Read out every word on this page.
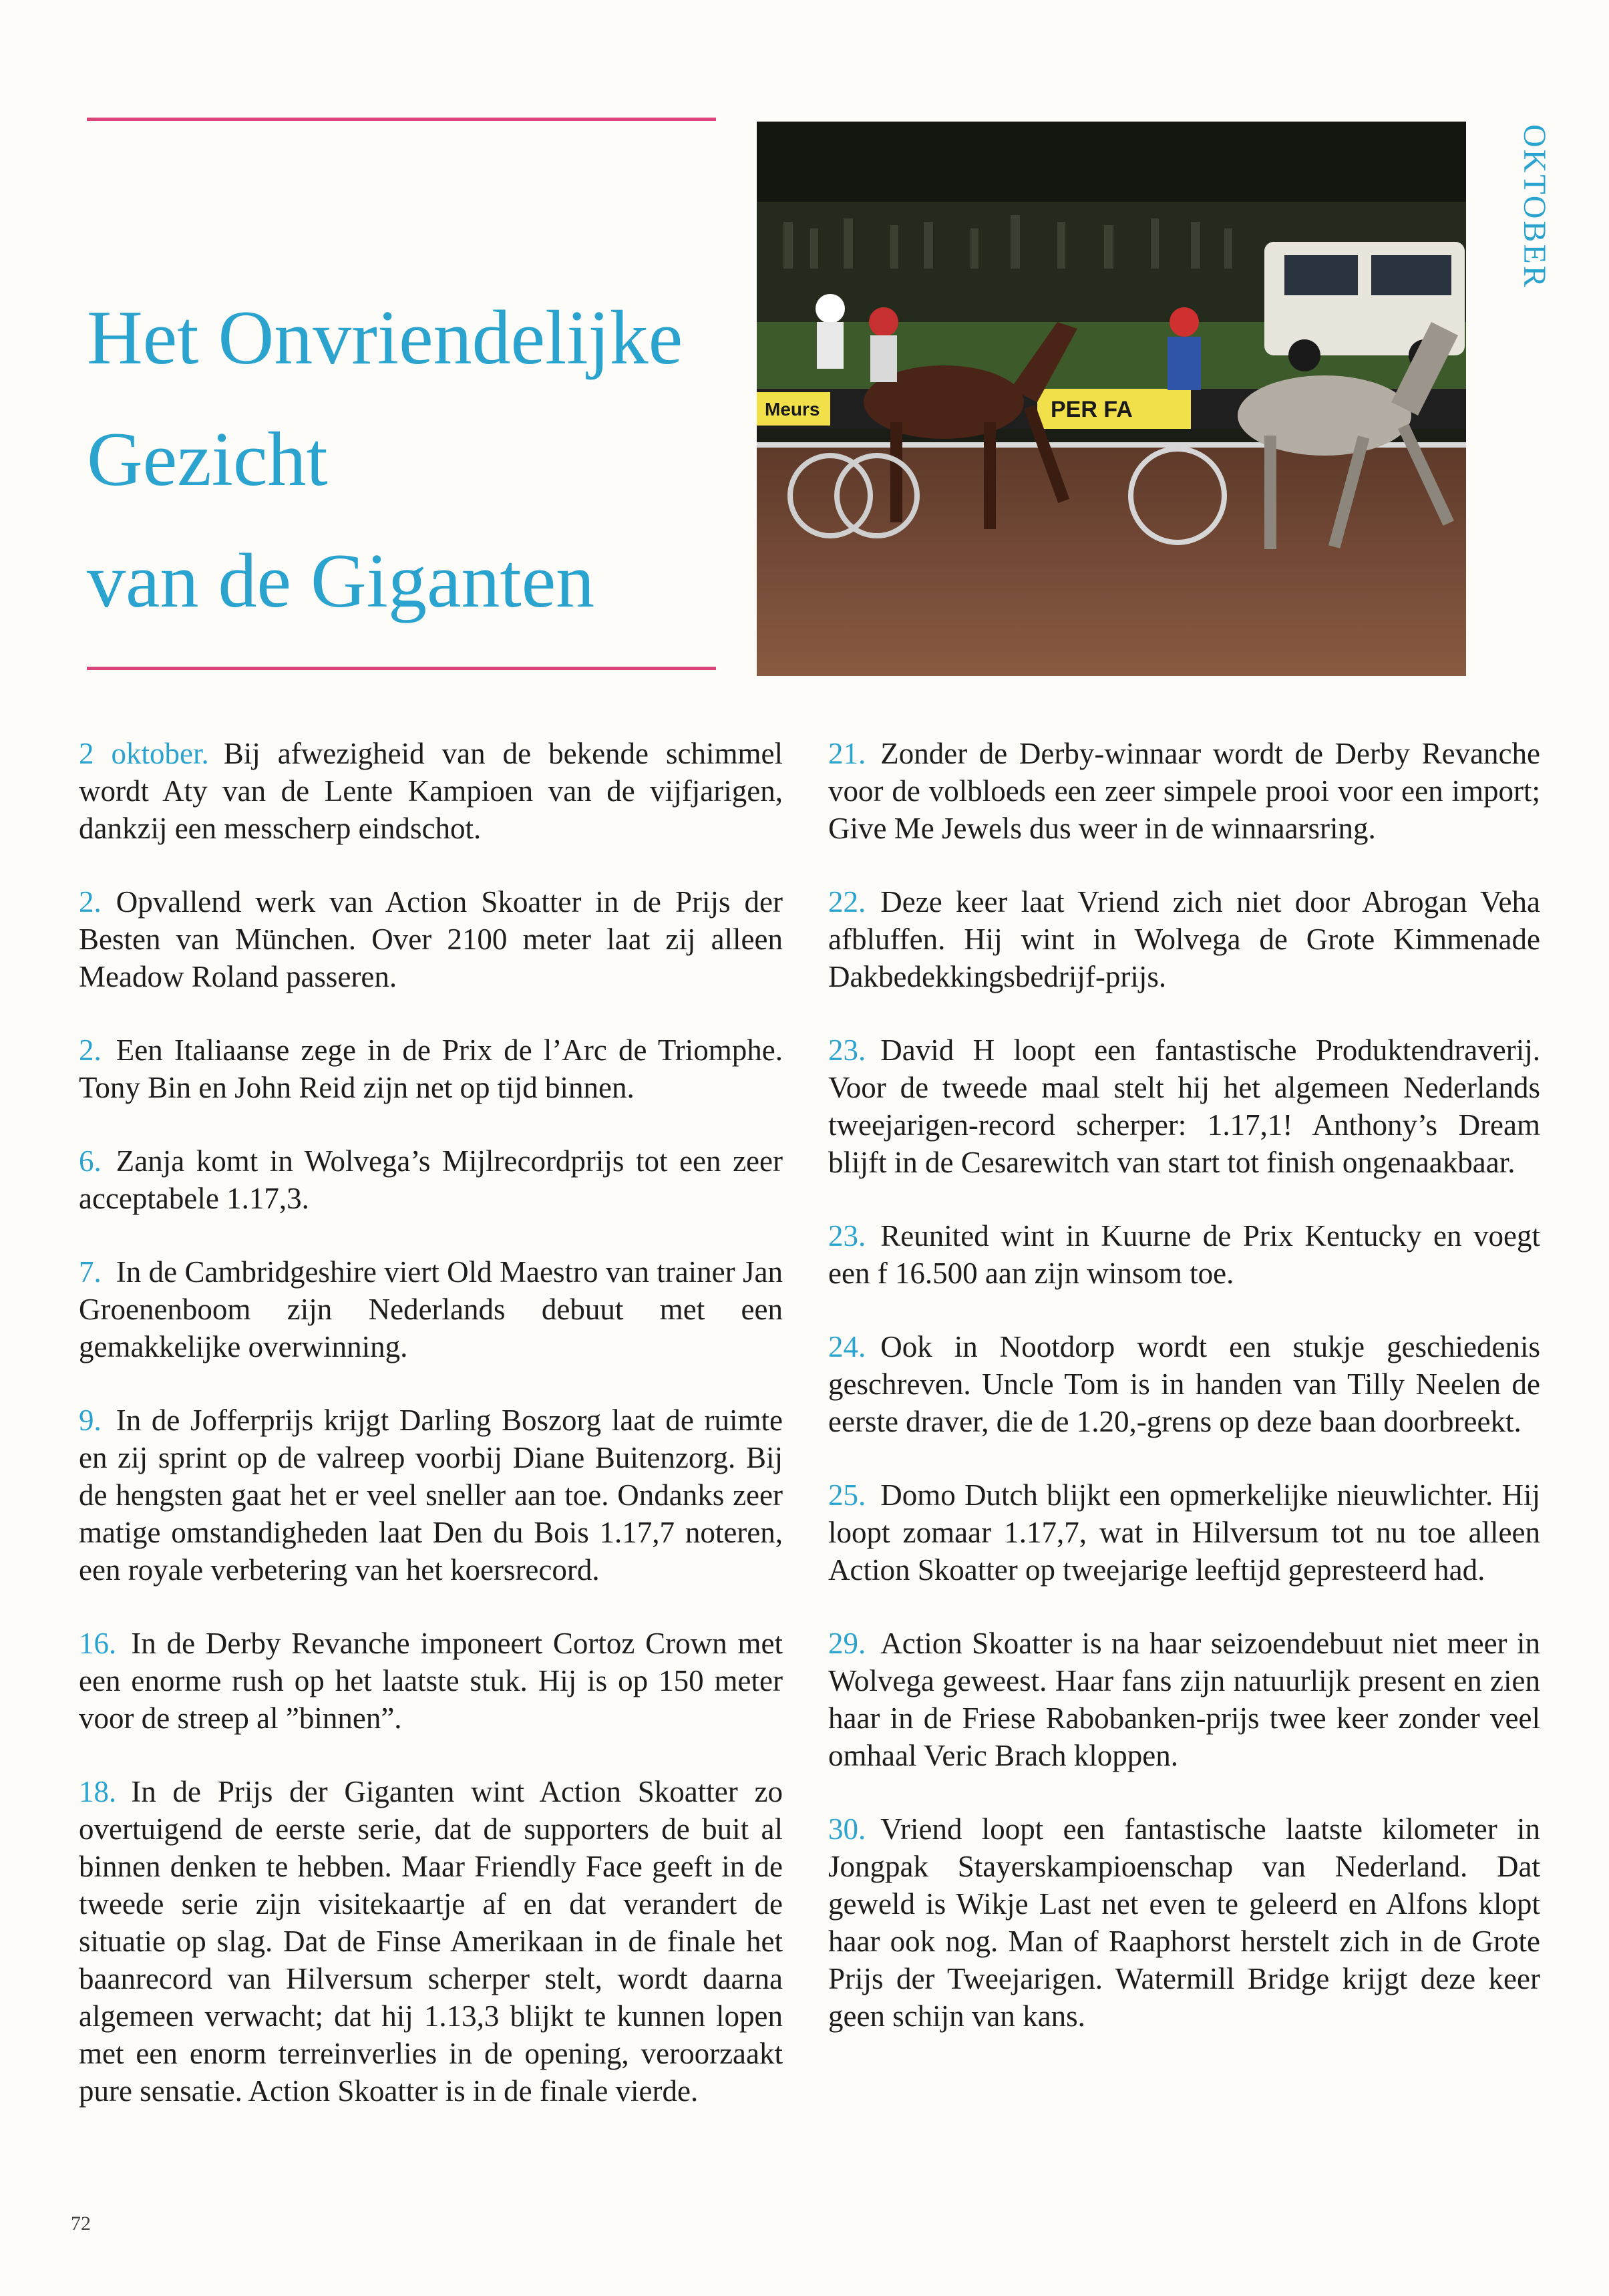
Het Onvriendelijke
Gezicht
van de Giganten
Meurs	PER FA
OKTOBER

2 oktober. Bij afwezigheid van de bekende schimmel wordt Aty van de Lente Kampioen van de vijfjarigen, dankzij een messcherp eindschot.

2. Opvallend werk van Action Skoatter in de Prijs der Besten van München. Over 2100 meter laat zij alleen Meadow Roland passeren.

2. Een Italiaanse zege in de Prix de l’Arc de Triomphe. Tony Bin en John Reid zijn net op tijd binnen.

6. Zanja komt in Wolvega’s Mijlrecordprijs tot een zeer acceptabele 1.17,3.

7. In de Cambridgeshire viert Old Maestro van trainer Jan Groenenboom zijn Nederlands debuut met een gemakkelijke overwinning.

9. In de Jofferprijs krijgt Darling Boszorg laat de ruimte en zij sprint op de valreep voorbij Diane Buitenzorg. Bij de hengsten gaat het er veel sneller aan toe. Ondanks zeer matige omstandigheden laat Den du Bois 1.17,7 noteren, een royale verbetering van het koersrecord.

16. In de Derby Revanche imponeert Cortoz Crown met een enorme rush op het laatste stuk. Hij is op 150 meter voor de streep al ”binnen”.

18. In de Prijs der Giganten wint Action Skoatter zo overtuigend de eerste serie, dat de supporters de buit al binnen denken te hebben. Maar Friendly Face geeft in de tweede serie zijn visitekaartje af en dat verandert de situatie op slag. Dat de Finse Amerikaan in de finale het baanrecord van Hilversum scherper stelt, wordt daarna algemeen verwacht; dat hij 1.13,3 blijkt te kunnen lopen met een enorm terreinverlies in de opening, veroorzaakt pure sensatie. Action Skoatter is in de finale vierde.

21. Zonder de Derby-winnaar wordt de Derby Revanche voor de volbloeds een zeer simpele prooi voor een import; Give Me Jewels dus weer in de winnaarsring.

22. Deze keer laat Vriend zich niet door Abrogan Veha afbluffen. Hij wint in Wolvega de Grote Kimmenade Dakbedekkingsbedrijf-prijs.

23. David H loopt een fantastische Produktendraverij. Voor de tweede maal stelt hij het algemeen Nederlands tweejarigen-record scherper: 1.17,1! Anthony’s Dream blijft in de Cesarewitch van start tot finish ongenaakbaar.

23. Reunited wint in Kuurne de Prix Kentucky en voegt een f 16.500 aan zijn winsom toe.

24. Ook in Nootdorp wordt een stukje geschiedenis geschreven. Uncle Tom is in handen van Tilly Neelen de eerste draver, die de 1.20,-grens op deze baan doorbreekt.

25. Domo Dutch blijkt een opmerkelijke nieuwlichter. Hij loopt zomaar 1.17,7, wat in Hilversum tot nu toe alleen Action Skoatter op tweejarige leeftijd gepresteerd had.

29. Action Skoatter is na haar seizoendebuut niet meer in Wolvega geweest. Haar fans zijn natuurlijk present en zien haar in de Friese Rabobanken-prijs twee keer zonder veel omhaal Veric Brach kloppen.

30. Vriend loopt een fantastische laatste kilometer in Jongpak Stayerskampioenschap van Nederland. Dat geweld is Wikje Last net even te geleerd en Alfons klopt haar ook nog. Man of Raaphorst herstelt zich in de Grote Prijs der Tweejarigen. Watermill Bridge krijgt deze keer geen schijn van kans.

72
